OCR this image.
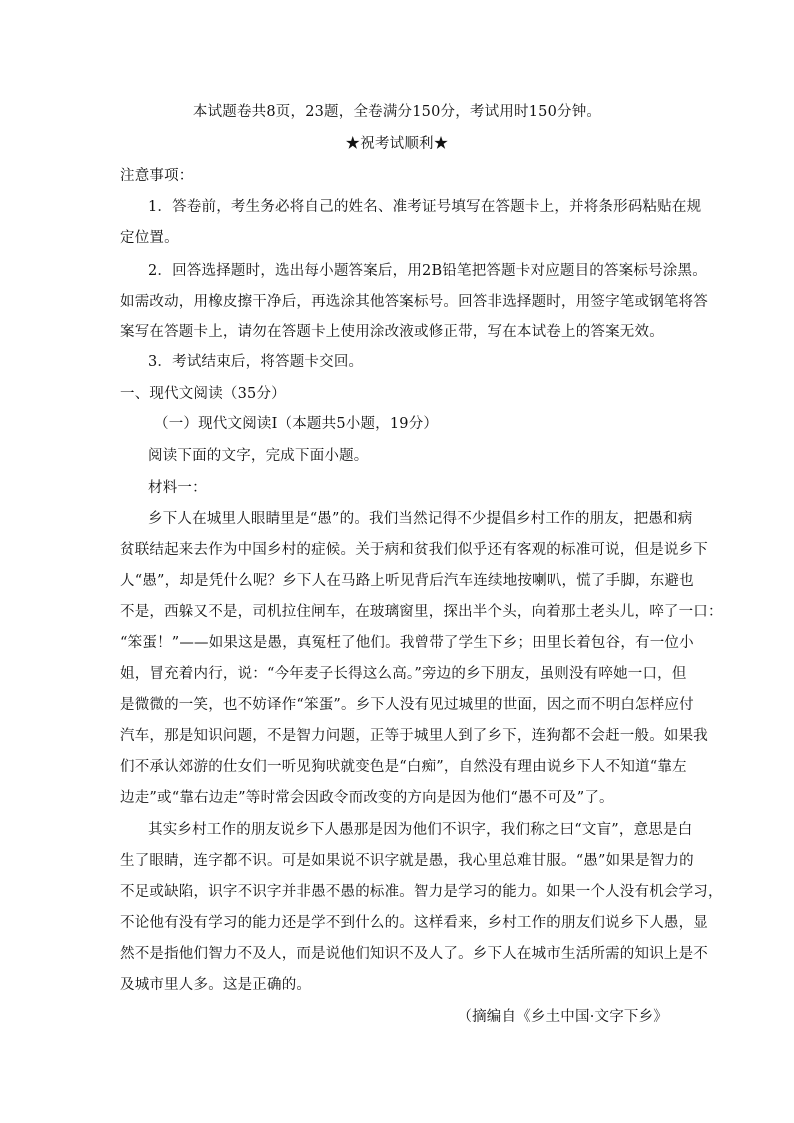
本试题卷共8页，23题，全卷满分150分，考试用时150分钟。
★祝考试顺利★
注意事项：
1．答卷前，考生务必将自己的姓名、准考证号填写在答题卡上，并将条形码粘贴在规
定位置。
2．回答选择题时，选出每小题答案后，用2B铅笔把答题卡对应题目的答案标号涂黑。
如需改动，用橡皮擦干净后，再选涂其他答案标号。回答非选择题时，用签字笔或钢笔将答
案写在答题卡上，请勿在答题卡上使用涂改液或修正带，写在本试卷上的答案无效。
3．考试结束后，将答题卡交回。
一、现代文阅读（35分）
（一）现代文阅读Ⅰ（本题共5小题，19分）
阅读下面的文字，完成下面小题。
材料一：
乡下人在城里人眼睛里是“愚”的。我们当然记得不少提倡乡村工作的朋友，把愚和病
贫联结起来去作为中国乡村的症候。关于病和贫我们似乎还有客观的标准可说，但是说乡下
人“愚”，却是凭什么呢？乡下人在马路上听见背后汽车连续地按喇叭，慌了手脚，东避也
不是，西躲又不是，司机拉住闸车，在玻璃窗里，探出半个头，向着那土老头儿，啐了一口：
“笨蛋！”——如果这是愚，真冤枉了他们。我曾带了学生下乡；田里长着包谷，有一位小
姐，冒充着内行，说：“今年麦子长得这么高。”旁边的乡下朋友，虽则没有啐她一口，但
是微微的一笑，也不妨译作“笨蛋”。乡下人没有见过城里的世面，因之而不明白怎样应付
汽车，那是知识问题，不是智力问题，正等于城里人到了乡下，连狗都不会赶一般。如果我
们不承认郊游的仕女们一听见狗吠就变色是“白痴”，自然没有理由说乡下人不知道“靠左
边走”或“靠右边走”等时常会因政令而改变的方向是因为他们“愚不可及”了。
其实乡村工作的朋友说乡下人愚那是因为他们不识字，我们称之曰“文盲”，意思是白
生了眼睛，连字都不识。可是如果说不识字就是愚，我心里总难甘服。“愚”如果是智力的
不足或缺陷，识字不识字并非愚不愚的标准。智力是学习的能力。如果一个人没有机会学习，
不论他有没有学习的能力还是学不到什么的。这样看来，乡村工作的朋友们说乡下人愚，显
然不是指他们智力不及人，而是说他们知识不及人了。乡下人在城市生活所需的知识上是不
及城市里人多。这是正确的。
（摘编自《乡土中国·文字下乡》
